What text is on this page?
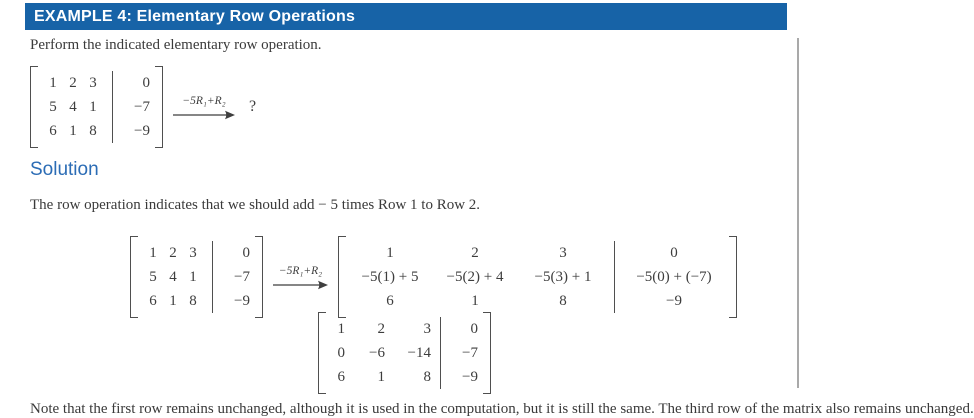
EXAMPLE 4: Elementary Row Operations
Perform the indicated elementary row operation.
1 2 3	0
5 4 1	−7
6 1 8	−9
−5R₁+R₂ ?
Solution
The row operation indicates that we should add − 5 times Row 1 to Row 2.
1 2 3	0
5 4 1	−7
6 1 8	−9
−5R₁+R₂
1	2	3	0
−5(1) + 5	−5(2) + 4	−5(3) + 1	−5(0) + (−7)
6	1	8	−9
1	2	3	0
0	−6	−14	−7
6	1	8	−9
Note that the first row remains unchanged, although it is used in the computation, but it is still the same. The third row of the matrix also remains unchanged.
